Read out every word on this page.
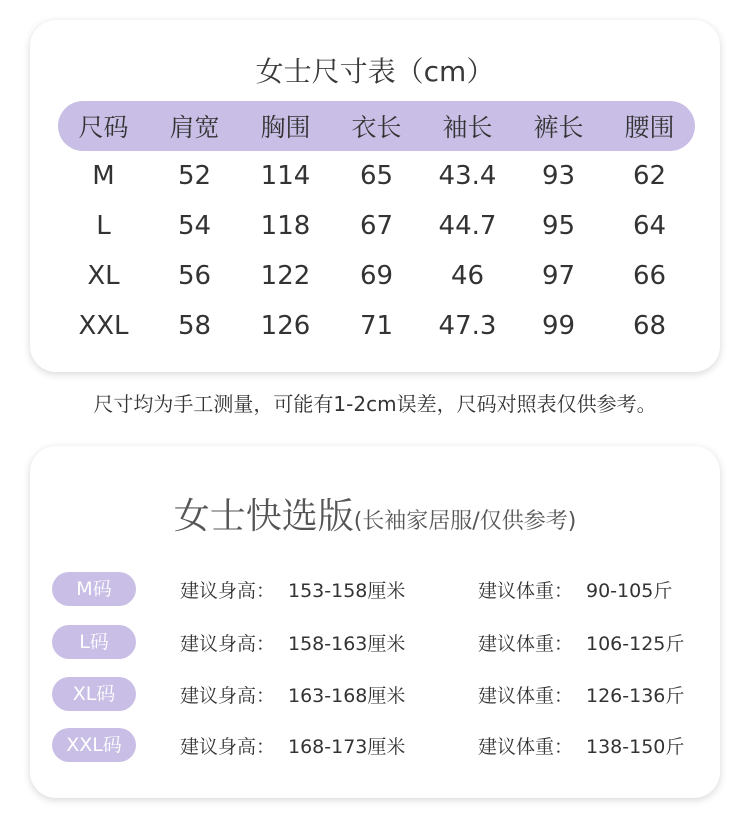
女士尺寸表（cm）
尺码	肩宽	胸围	衣长	袖长	裤长	腰围
M	52	114	65	43.4	93	62
L	54	118	67	44.7	95	64
XL	56	122	69	46	97	66
XXL	58	126	71	47.3	99	68
尺寸均为手工测量，可能有1-2cm误差，尺码对照表仅供参考。
女士快选版(长袖家居服/仅供参考)
M码	建议身高： 153-158厘米	建议体重： 90-105斤
L码	建议身高： 158-163厘米	建议体重： 106-125斤
XL码	建议身高： 163-168厘米	建议体重： 126-136斤
XXL码	建议身高： 168-173厘米	建议体重： 138-150斤
